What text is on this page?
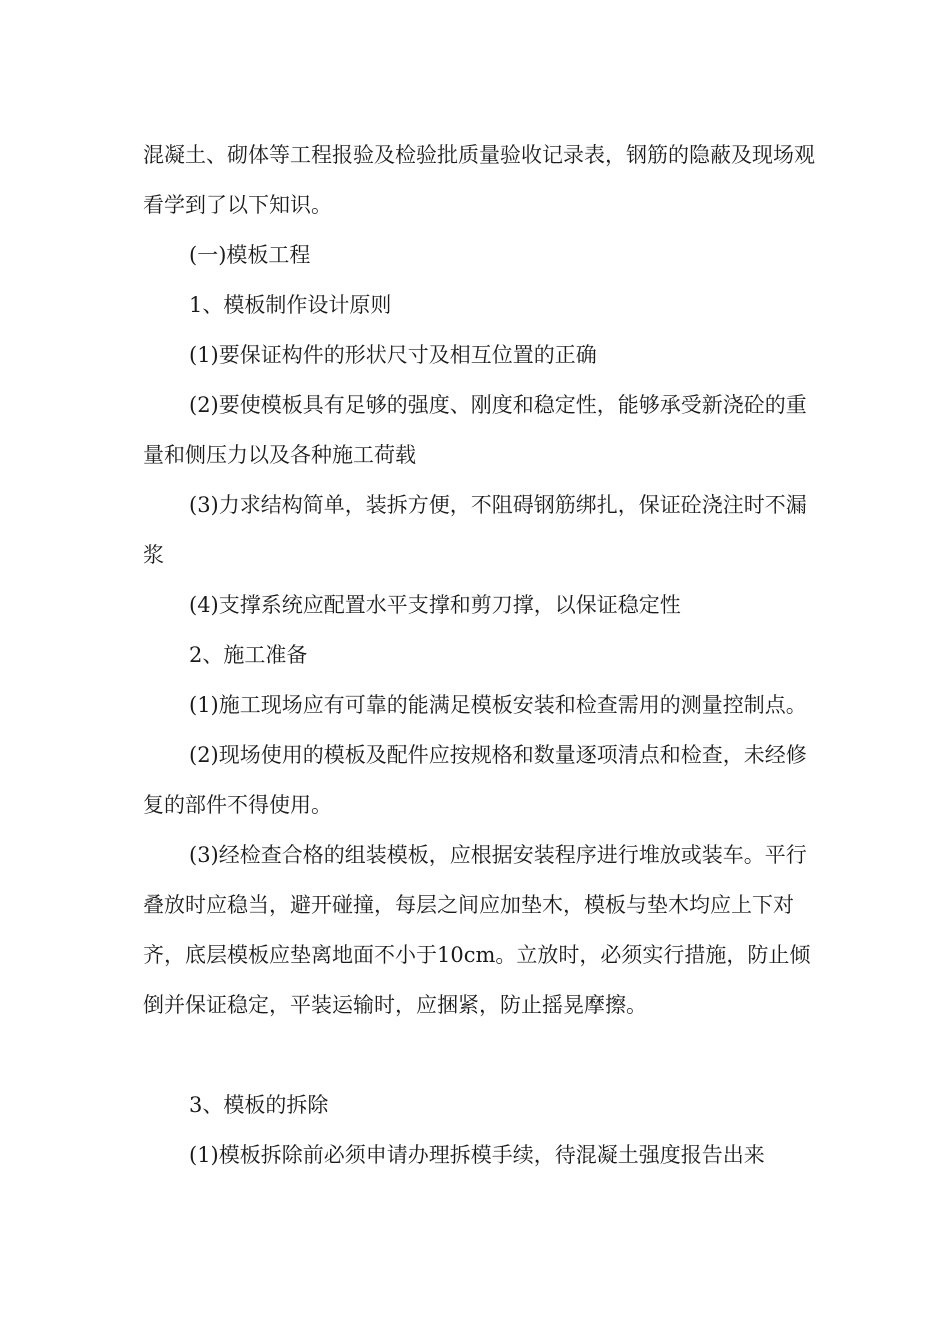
混凝土、砌体等工程报验及检验批质量验收记录表，钢筋的隐蔽及现场观看学到了以下知识。

(一)模板工程

1、模板制作设计原则

(1)要保证构件的形状尺寸及相互位置的正确

(2)要使模板具有足够的强度、刚度和稳定性，能够承受新浇砼的重量和侧压力以及各种施工荷载

(3)力求结构简单，装拆方便，不阻碍钢筋绑扎，保证砼浇注时不漏浆

(4)支撑系统应配置水平支撑和剪刀撑，以保证稳定性

2、施工准备

(1)施工现场应有可靠的能满足模板安装和检查需用的测量控制点。

(2)现场使用的模板及配件应按规格和数量逐项清点和检查，未经修复的部件不得使用。

(3)经检查合格的组装模板，应根据安装程序进行堆放或装车。平行叠放时应稳当，避开碰撞，每层之间应加垫木，模板与垫木均应上下对齐，底层模板应垫离地面不小于10cm。立放时，必须实行措施，防止倾倒并保证稳定，平装运输时，应捆紧，防止摇晃摩擦。

3、模板的拆除

(1)模板拆除前必须申请办理拆模手续，待混凝土强度报告出来
